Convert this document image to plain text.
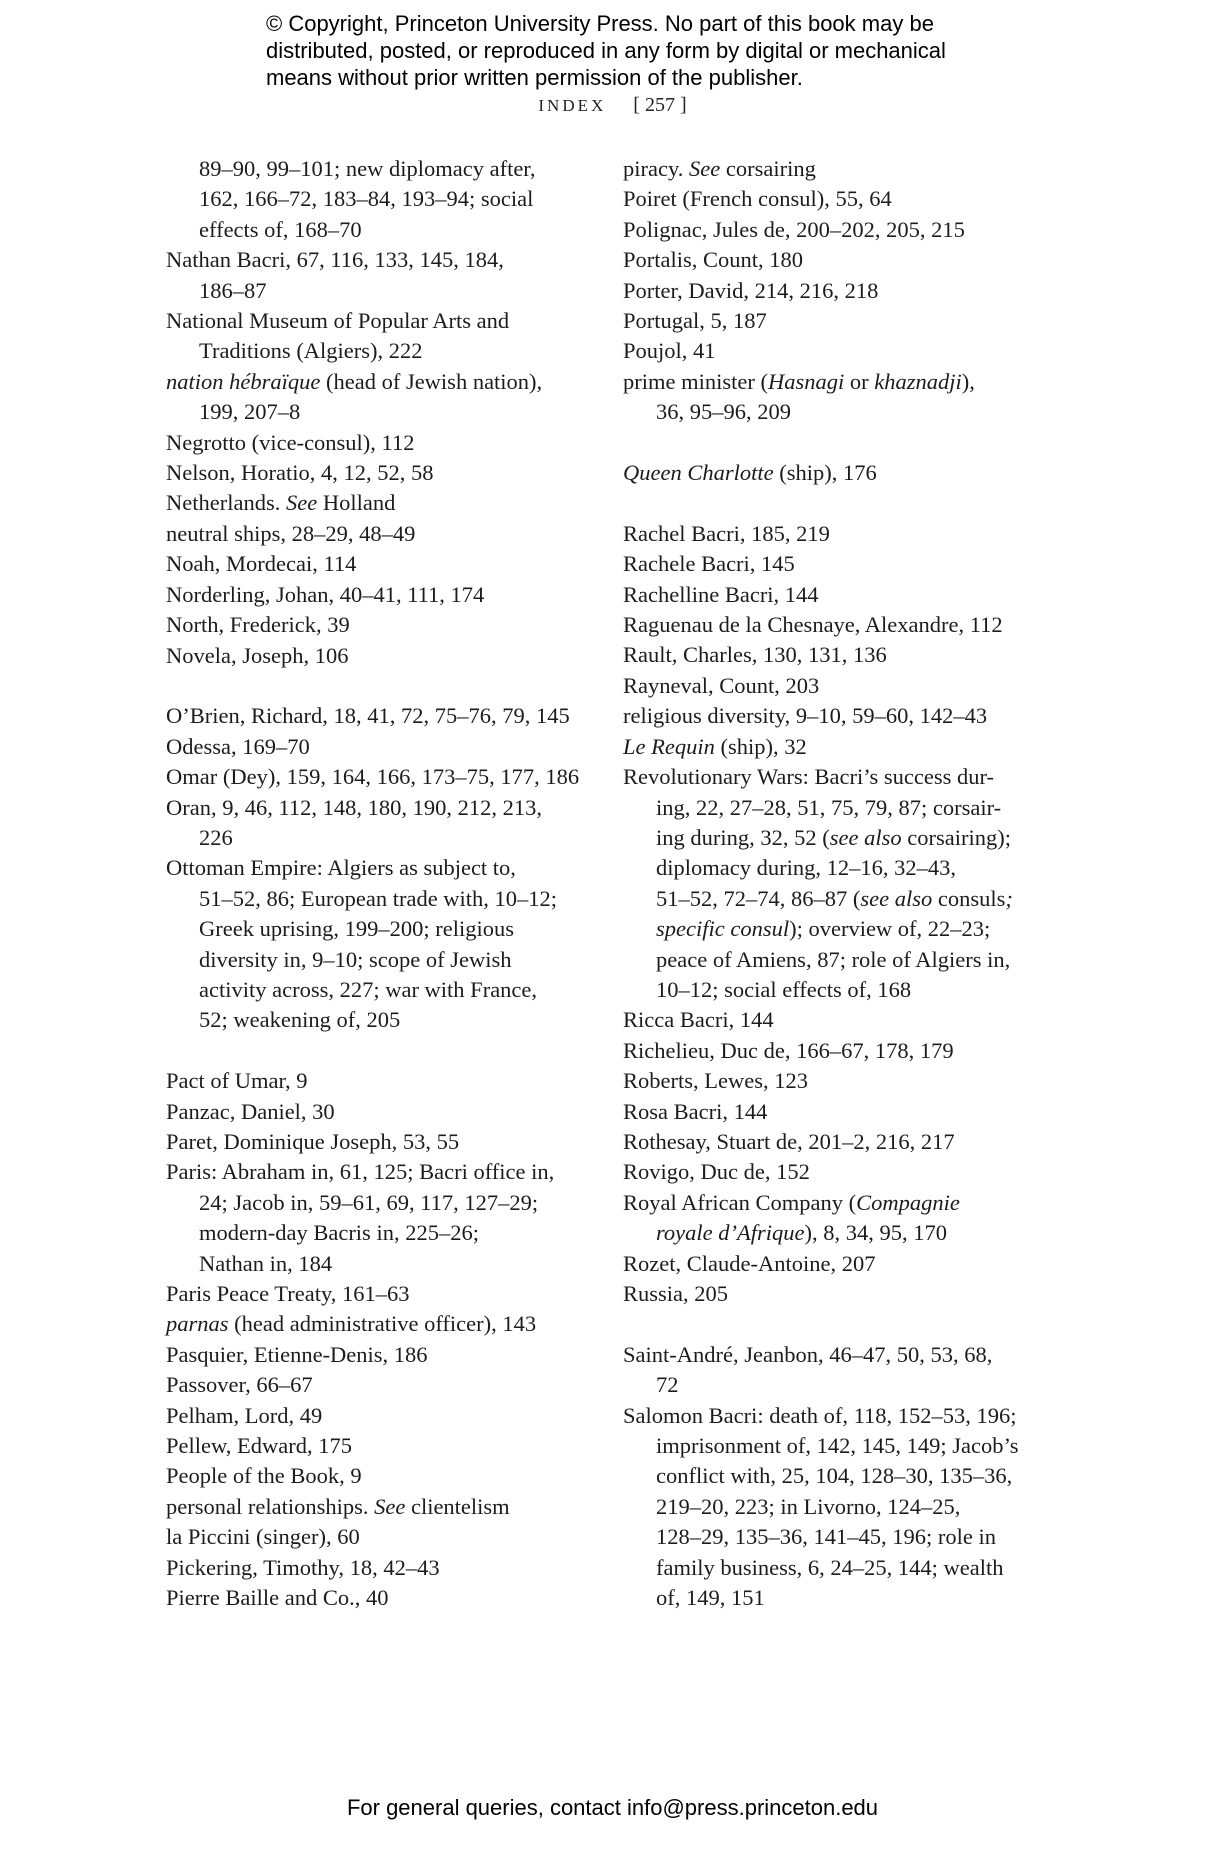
© Copyright, Princeton University Press. No part of this book may be
distributed, posted, or reproduced in any form by digital or mechanical
means without prior written permission of the publisher.
INDEX [ 257 ]
89–90, 99–101; new diplomacy after,
162, 166–72, 183–84, 193–94; social
effects of, 168–70
Nathan Bacri, 67, 116, 133, 145, 184,
186–87
National Museum of Popular Arts and
Traditions (Algiers), 222
nation hébraïque (head of Jewish nation),
199, 207–8
Negrotto (vice-consul), 112
Nelson, Horatio, 4, 12, 52, 58
Netherlands. See Holland
neutral ships, 28–29, 48–49
Noah, Mordecai, 114
Norderling, Johan, 40–41, 111, 174
North, Frederick, 39
Novela, Joseph, 106
O’Brien, Richard, 18, 41, 72, 75–76, 79, 145
Odessa, 169–70
Omar (Dey), 159, 164, 166, 173–75, 177, 186
Oran, 9, 46, 112, 148, 180, 190, 212, 213,
226
Ottoman Empire: Algiers as subject to,
51–52, 86; European trade with, 10–12;
Greek uprising, 199–200; religious
diversity in, 9–10; scope of Jewish
activity across, 227; war with France,
52; weakening of, 205
Pact of Umar, 9
Panzac, Daniel, 30
Paret, Dominique Joseph, 53, 55
Paris: Abraham in, 61, 125; Bacri office in,
24; Jacob in, 59–61, 69, 117, 127–29;
modern-day Bacris in, 225–26;
Nathan in, 184
Paris Peace Treaty, 161–63
parnas (head administrative officer), 143
Pasquier, Etienne-Denis, 186
Passover, 66–67
Pelham, Lord, 49
Pellew, Edward, 175
People of the Book, 9
personal relationships. See clientelism
la Piccini (singer), 60
Pickering, Timothy, 18, 42–43
Pierre Baille and Co., 40
piracy. See corsairing
Poiret (French consul), 55, 64
Polignac, Jules de, 200–202, 205, 215
Portalis, Count, 180
Porter, David, 214, 216, 218
Portugal, 5, 187
Poujol, 41
prime minister (Hasnagi or khaznadji),
36, 95–96, 209
Queen Charlotte (ship), 176
Rachel Bacri, 185, 219
Rachele Bacri, 145
Rachelline Bacri, 144
Raguenau de la Chesnaye, Alexandre, 112
Rault, Charles, 130, 131, 136
Rayneval, Count, 203
religious diversity, 9–10, 59–60, 142–43
Le Requin (ship), 32
Revolutionary Wars: Bacri’s success dur-
ing, 22, 27–28, 51, 75, 79, 87; corsair-
ing during, 32, 52 (see also corsairing);
diplomacy during, 12–16, 32–43,
51–52, 72–74, 86–87 (see also consuls;
specific consul); overview of, 22–23;
peace of Amiens, 87; role of Algiers in,
10–12; social effects of, 168
Ricca Bacri, 144
Richelieu, Duc de, 166–67, 178, 179
Roberts, Lewes, 123
Rosa Bacri, 144
Rothesay, Stuart de, 201–2, 216, 217
Rovigo, Duc de, 152
Royal African Company (Compagnie
royale d’Afrique), 8, 34, 95, 170
Rozet, Claude-Antoine, 207
Russia, 205
Saint-André, Jeanbon, 46–47, 50, 53, 68,
72
Salomon Bacri: death of, 118, 152–53, 196;
imprisonment of, 142, 145, 149; Jacob’s
conflict with, 25, 104, 128–30, 135–36,
219–20, 223; in Livorno, 124–25,
128–29, 135–36, 141–45, 196; role in
family business, 6, 24–25, 144; wealth
of, 149, 151
For general queries, contact info@press.princeton.edu
